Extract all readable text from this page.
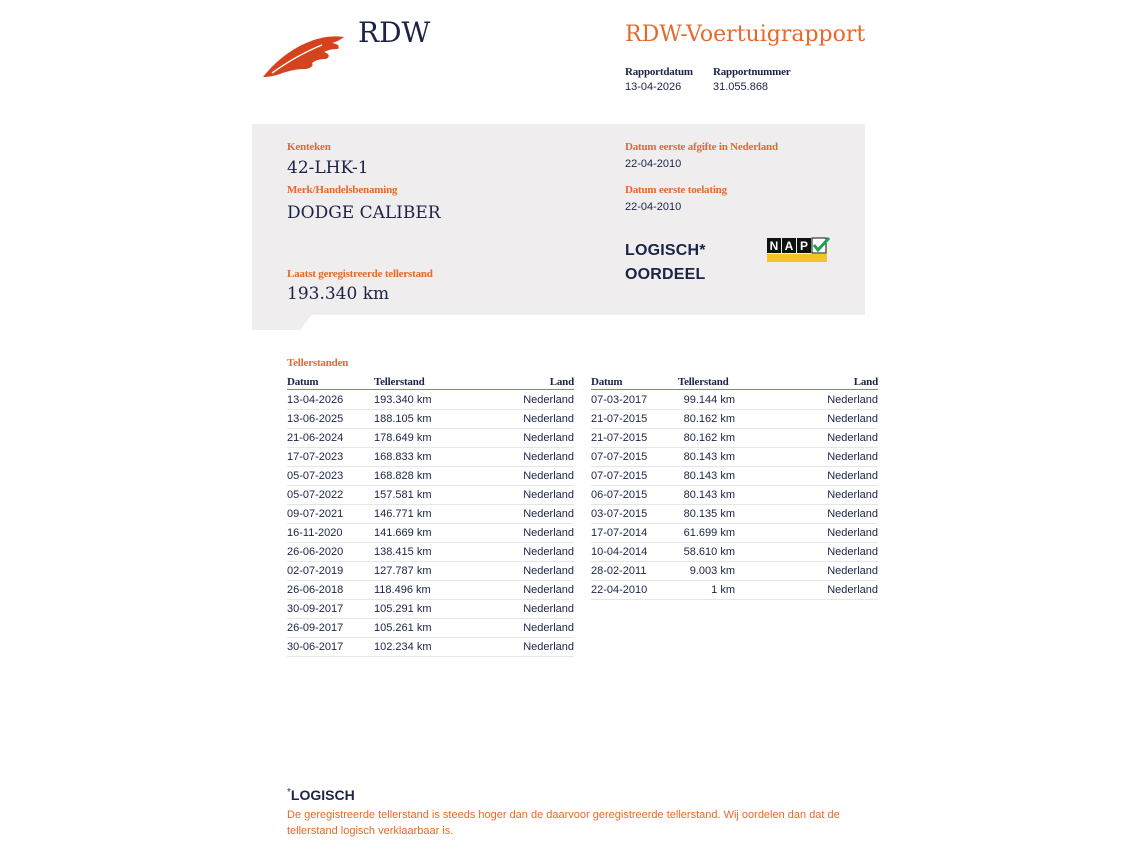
RDW	RDW-Voertuigrapport
Rapportdatum
13-04-2026
Rapportnummer
31.055.868
Kenteken
42-LHK-1
Merk/Handelsbenaming
DODGE CALIBER
Laatst geregistreerde tellerstand
193.340 km
Datum eerste afgifte in Nederland
22-04-2010
Datum eerste toelating
22-04-2010
LOGISCH*
OORDEEL
N A P
Tellerstanden
Datum	Tellerstand	Land
13-04-2026	193.340 km	Nederland
13-06-2025	188.105 km	Nederland
21-06-2024	178.649 km	Nederland
17-07-2023	168.833 km	Nederland
05-07-2023	168.828 km	Nederland
05-07-2022	157.581 km	Nederland
09-07-2021	146.771 km	Nederland
16-11-2020	141.669 km	Nederland
26-06-2020	138.415 km	Nederland
02-07-2019	127.787 km	Nederland
26-06-2018	118.496 km	Nederland
30-09-2017	105.291 km	Nederland
26-09-2017	105.261 km	Nederland
30-06-2017	102.234 km	Nederland
Datum	Tellerstand	Land
07-03-2017	99.144 km	Nederland
21-07-2015	80.162 km	Nederland
21-07-2015	80.162 km	Nederland
07-07-2015	80.143 km	Nederland
07-07-2015	80.143 km	Nederland
06-07-2015	80.143 km	Nederland
03-07-2015	80.135 km	Nederland
17-07-2014	61.699 km	Nederland
10-04-2014	58.610 km	Nederland
28-02-2011	9.003 km	Nederland
22-04-2010	1 km	Nederland
*LOGISCH
De geregistreerde tellerstand is steeds hoger dan de daarvoor geregistreerde tellerstand. Wij oordelen dan dat de tellerstand logisch verklaarbaar is.
